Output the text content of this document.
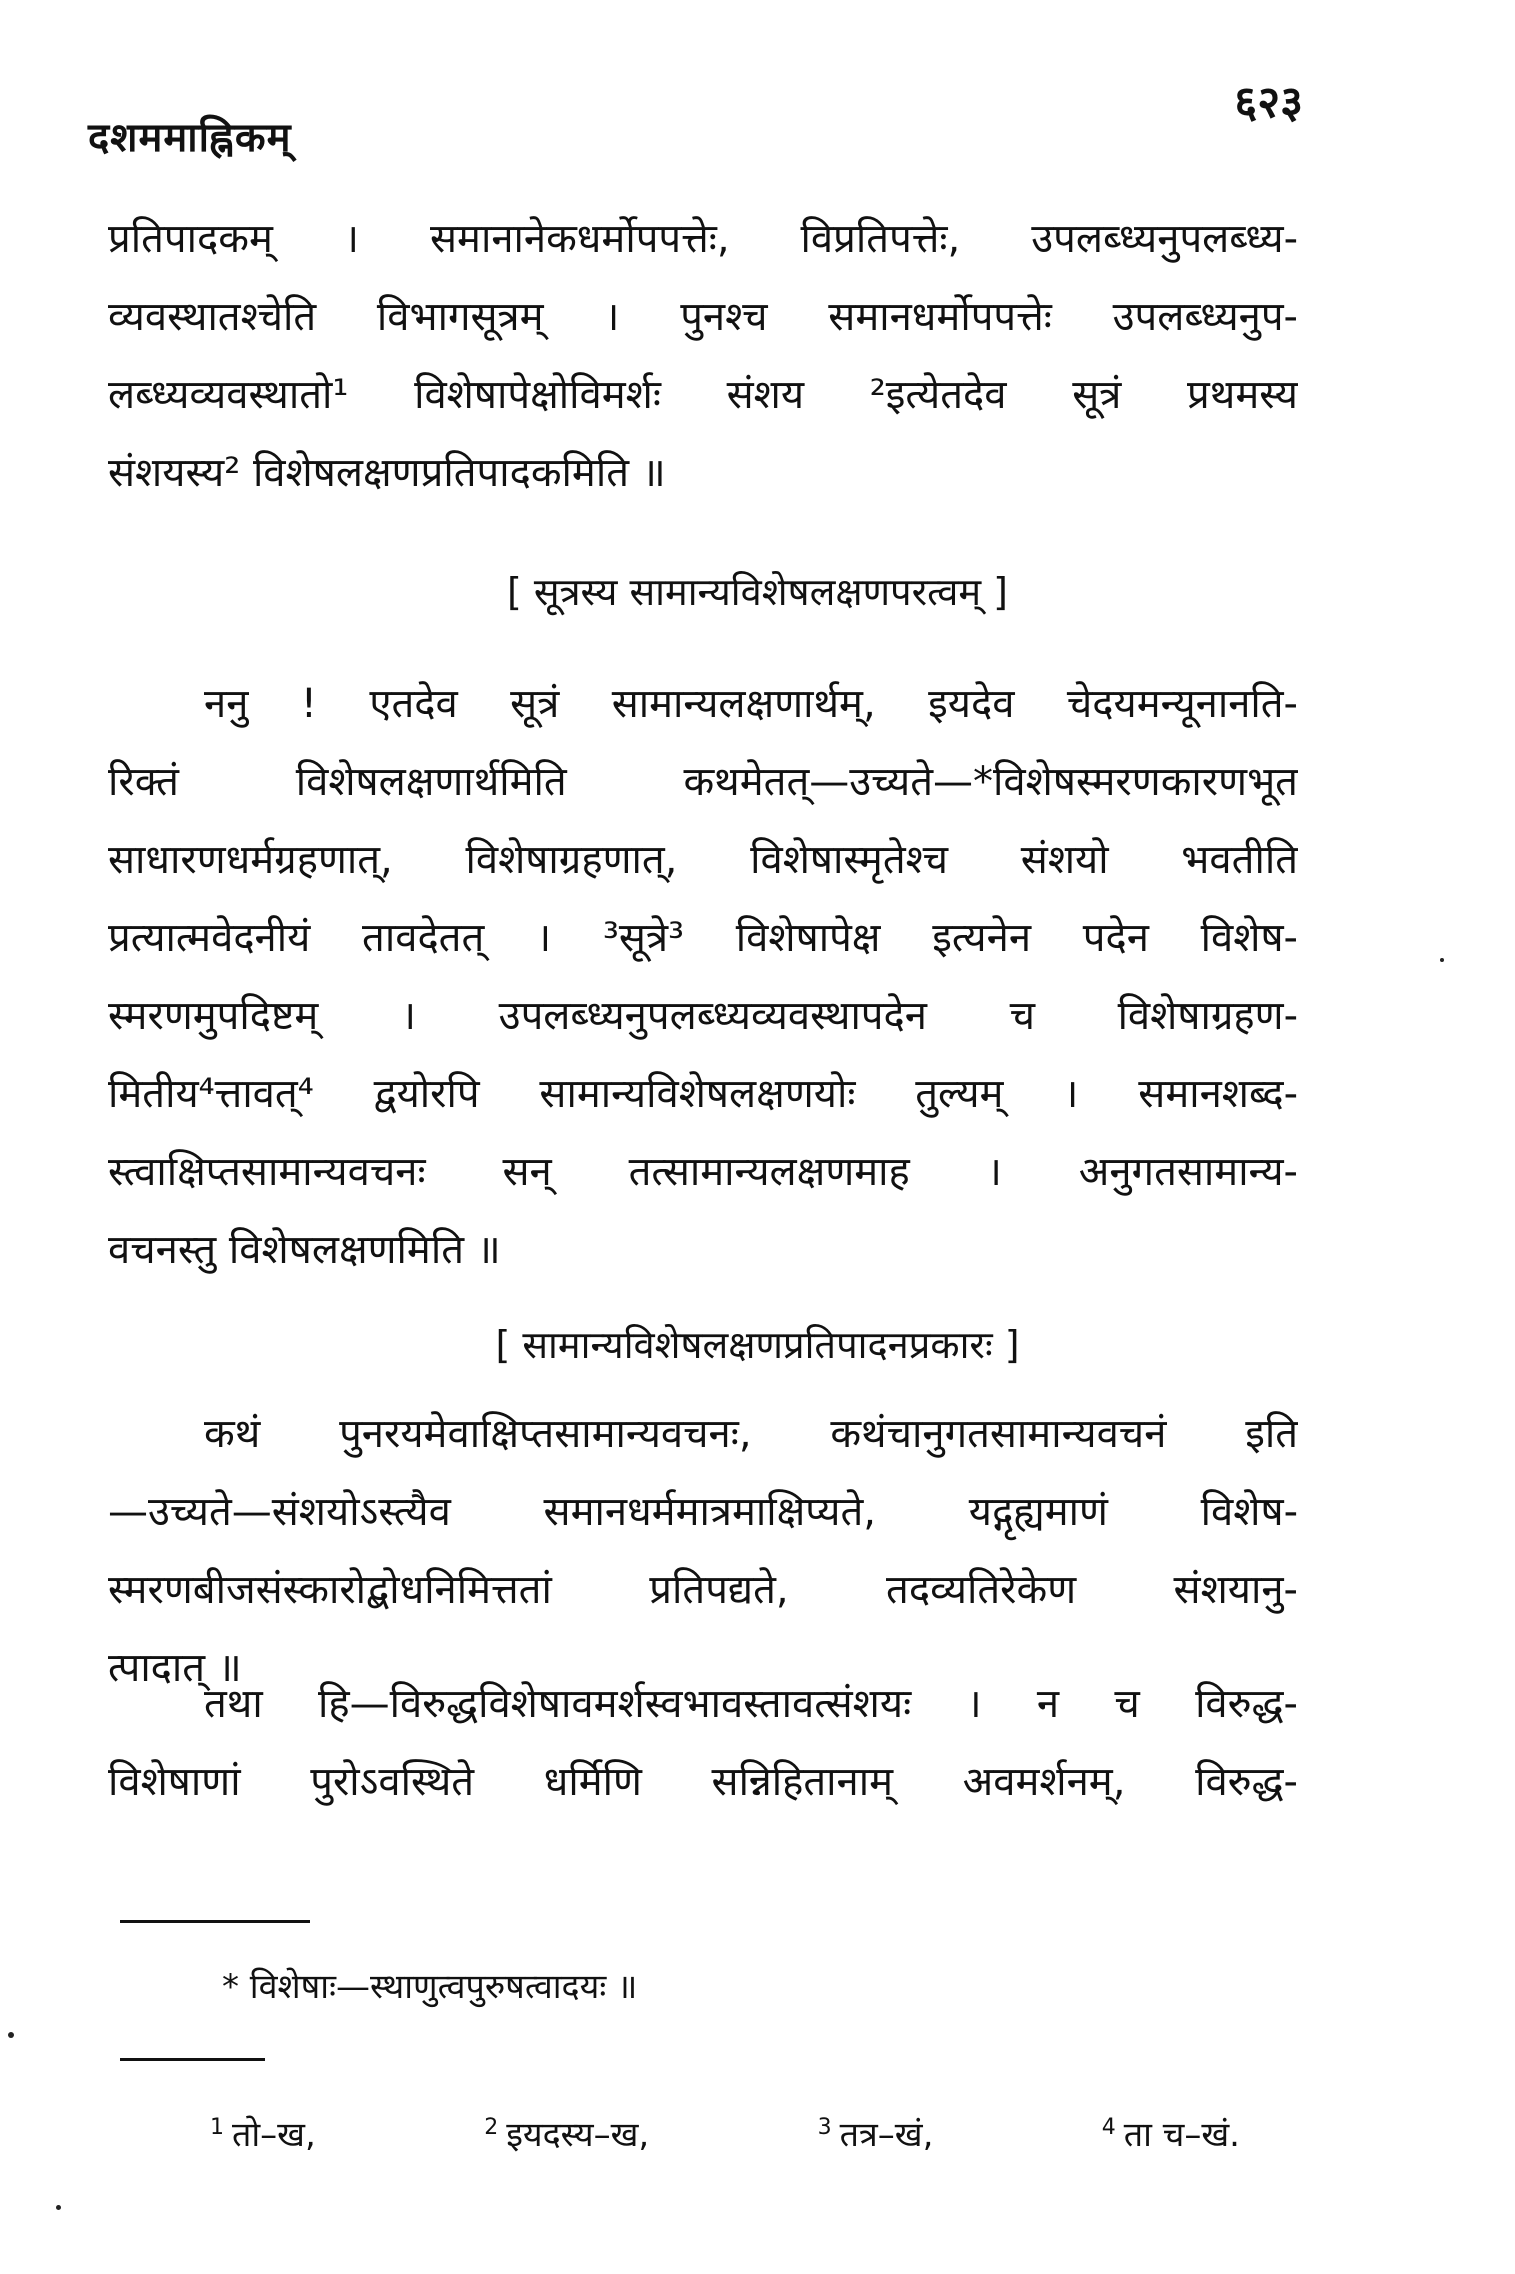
दशममाह्निकम्
६२३
प्रतिपादकम् । समानानेकधर्मोपपत्तेः, विप्रतिपत्तेः, उपलब्ध्यनुपलब्ध्य-
व्यवस्थातश्चेति विभागसूत्रम् । पुनश्च समानधर्मोपपत्तेः उपलब्ध्यनुप-
लब्ध्यव्यवस्थातो¹ विशेषापेक्षोविमर्शः संशय ²इत्येतदेव सूत्रं प्रथमस्य
संशयस्य² विशेषलक्षणप्रतिपादकमिति ॥
[ सूत्रस्य सामान्यविशेषलक्षणपरत्वम् ]
ननु ! एतदेव सूत्रं सामान्यलक्षणार्थम्, इयदेव चेदयमन्यूनानति-
रिक्तं विशेषलक्षणार्थमिति कथमेतत्—उच्यते—*विशेषस्मरणकारणभूत
साधारणधर्मग्रहणात्, विशेषाग्रहणात्, विशेषास्मृतेश्च संशयो भवतीति
प्रत्यात्मवेदनीयं तावदेतत् । ³सूत्रे³ विशेषापेक्ष इत्यनेन पदेन विशेष-
स्मरणमुपदिष्टम् । उपलब्ध्यनुपलब्ध्यव्यवस्थापदेन च विशेषाग्रहण-
मितीय⁴त्तावत्⁴ द्वयोरपि सामान्यविशेषलक्षणयोः तुल्यम् । समानशब्द-
स्त्वाक्षिप्तसामान्यवचनः सन् तत्सामान्यलक्षणमाह । अनुगतसामान्य-
वचनस्तु विशेषलक्षणमिति ॥
[ सामान्यविशेषलक्षणप्रतिपादनप्रकारः ]
कथं पुनरयमेवाक्षिप्तसामान्यवचनः, कथंचानुगतसामान्यवचनं इति
—उच्यते—संशयोऽस्त्यैव समानधर्ममात्रमाक्षिप्यते, यद्गृह्यमाणं विशेष-
स्मरणबीजसंस्कारोद्बोधनिमित्ततां प्रतिपद्यते, तदव्यतिरेकेण संशयानु-
त्पादात् ॥
तथा हि—विरुद्धविशेषावमर्शस्वभावस्तावत्संशयः । न च विरुद्ध-
विशेषाणां पुरोऽवस्थिते धर्मिणि सन्निहितानाम् अवमर्शनम्, विरुद्ध-
* विशेषाः—स्थाणुत्वपुरुषत्वादयः ॥
$^1$ तो–ख,	$^2$ इयदस्य–ख,	$^3$ तत्र–खं,	$^4$ ता च–खं.
